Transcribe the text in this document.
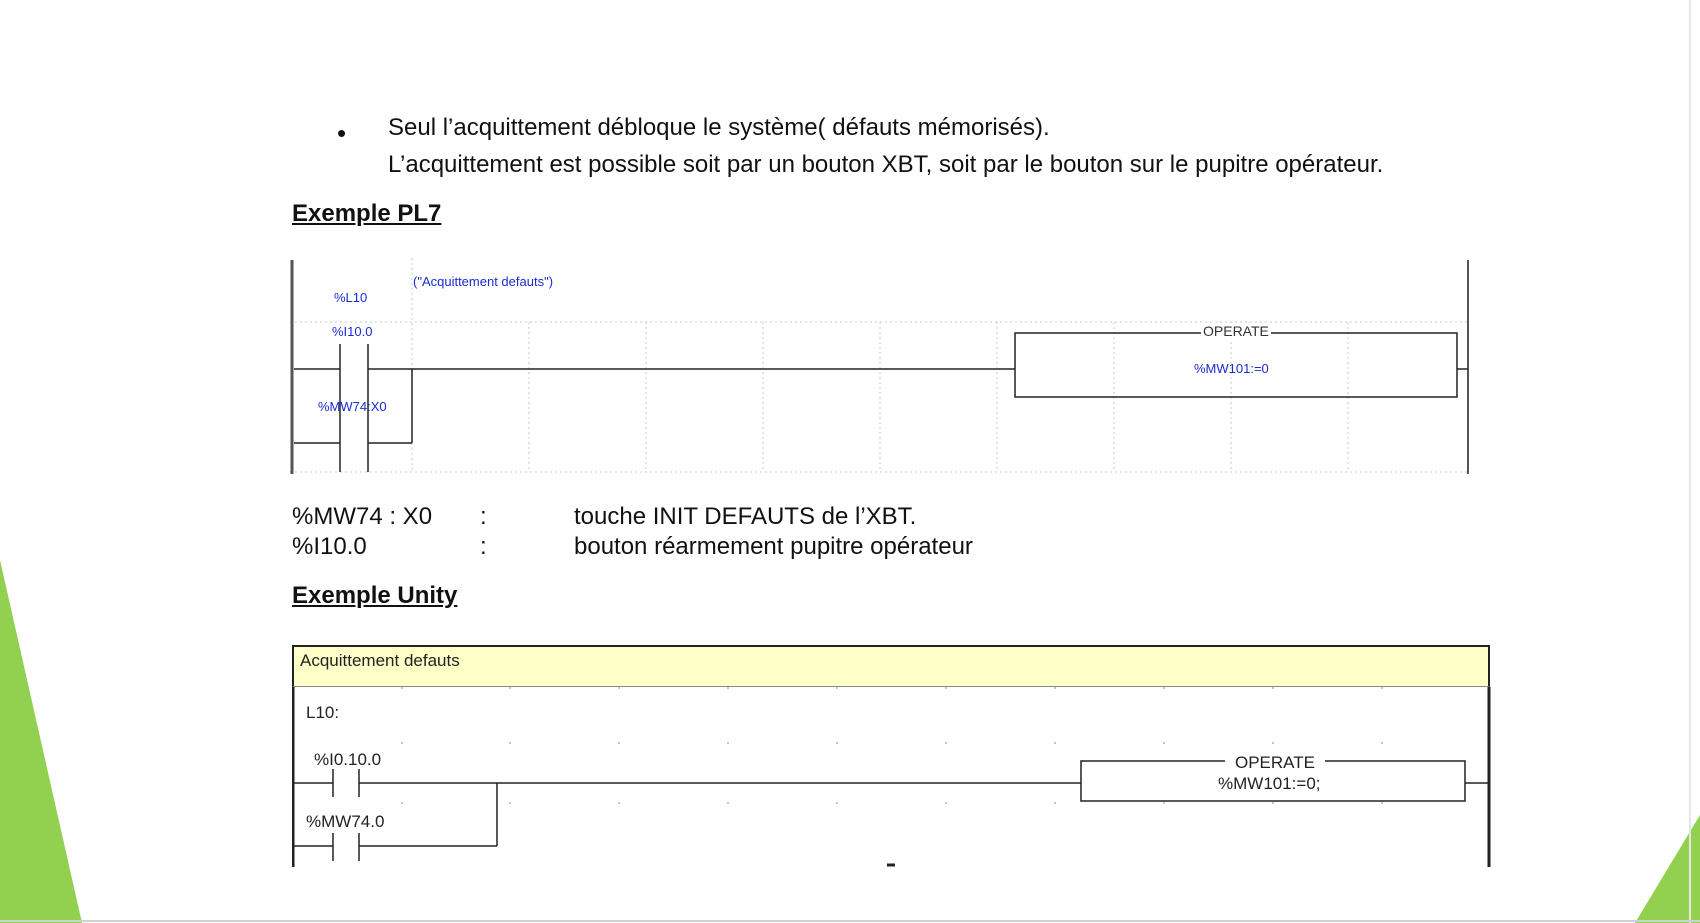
• Seul l’acquittement débloque le système( défauts mémorisés).
L’acquittement est possible soit par un bouton XBT, soit par le bouton sur le pupitre opérateur.
Exemple PL7
("Acquittement defauts")
%L10
%I10.0
%MW74:X0
OPERATE
%MW101:=0
%MW74 : X0 :	touche INIT DEFAUTS de l’XBT.
%I10.0	:	bouton réarmement pupitre opérateur
Exemple Unity
Acquittement defauts
L10:
%I0.10.0
%MW74.0
OPERATE
%MW101:=0;
